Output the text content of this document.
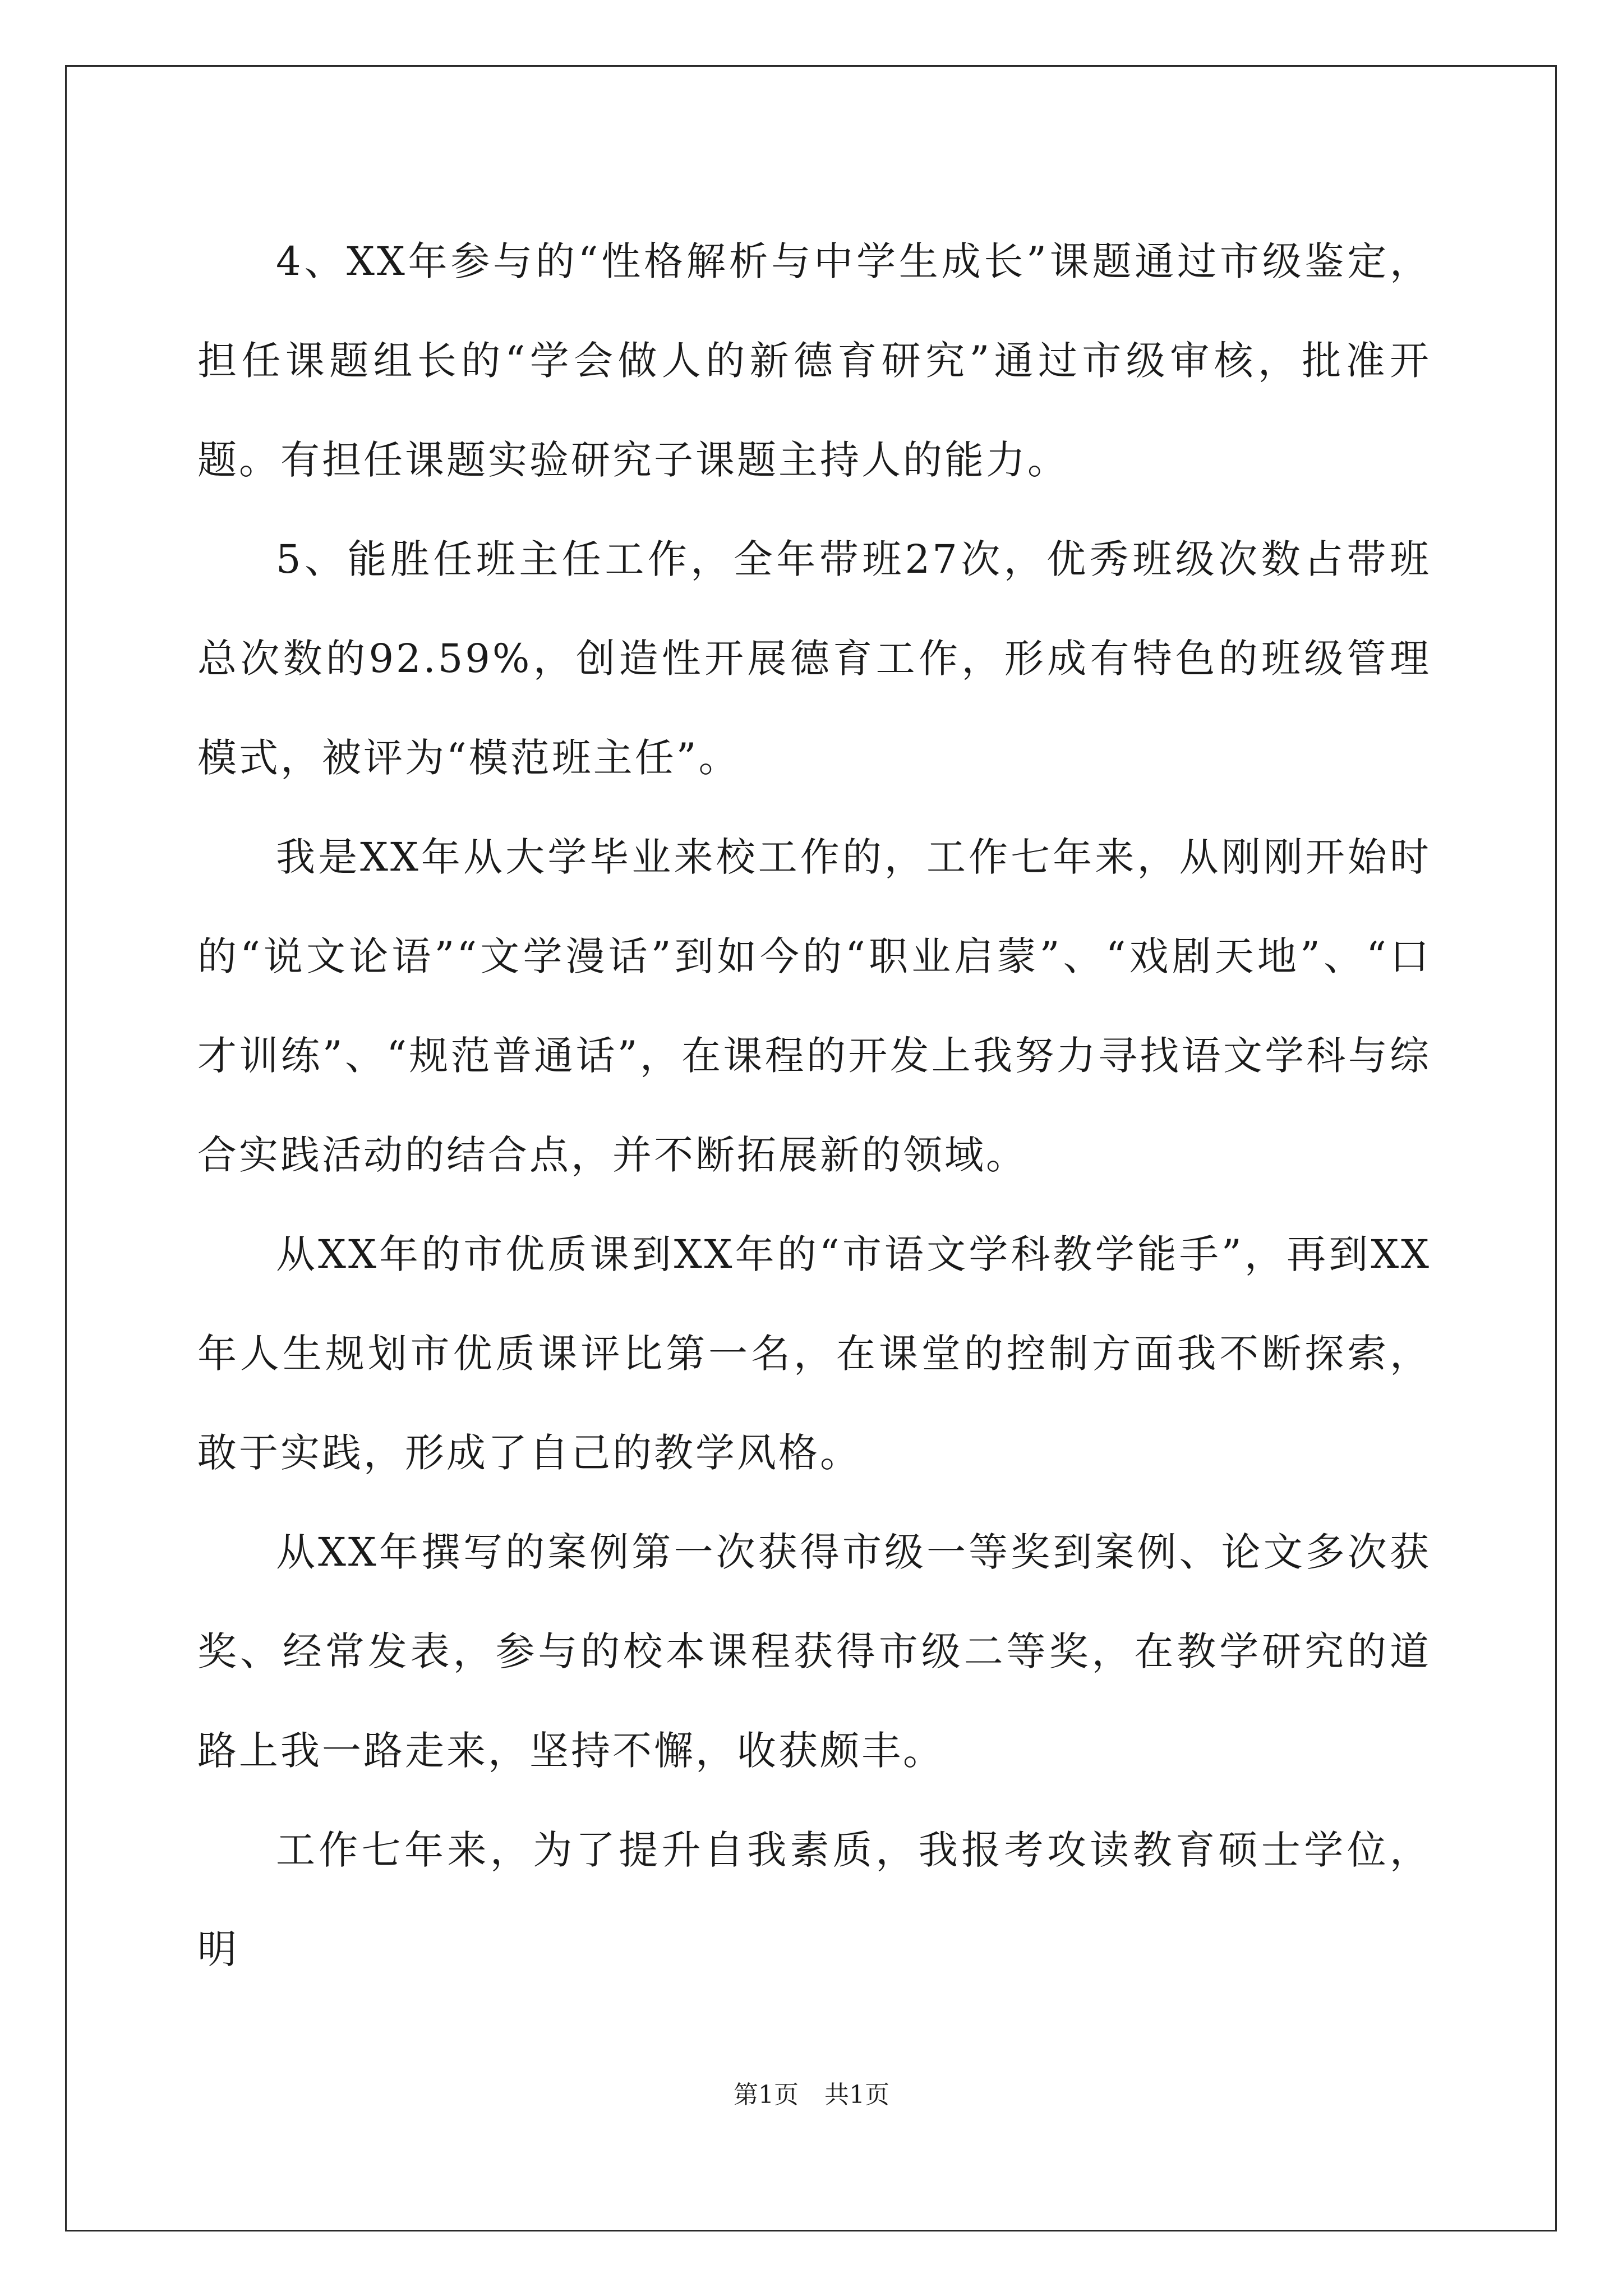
4、XX年参与的“性格解析与中学生成长”课题通过市级鉴定，担任课题组长的“学会做人的新德育研究”通过市级审核，批准开题。有担任课题实验研究子课题主持人的能力。

5、能胜任班主任工作，全年带班27次，优秀班级次数占带班总次数的92.59%，创造性开展德育工作，形成有特色的班级管理模式，被评为“模范班主任”。

我是XX年从大学毕业来校工作的，工作七年来，从刚刚开始时的“说文论语”“文学漫话”到如今的“职业启蒙”、“戏剧天地”、“口才训练”、“规范普通话”，在课程的开发上我努力寻找语文学科与综合实践活动的结合点，并不断拓展新的领域。

从XX年的市优质课到XX年的“市语文学科教学能手”，再到XX年人生规划市优质课评比第一名，在课堂的控制方面我不断探索，敢于实践，形成了自己的教学风格。

从XX年撰写的案例第一次获得市级一等奖到案例、论文多次获奖、经常发表，参与的校本课程获得市级二等奖，在教学研究的道路上我一路走来，坚持不懈，收获颇丰。

工作七年来，为了提升自我素质，我报考攻读教育硕士学位，明

第1页 共1页
